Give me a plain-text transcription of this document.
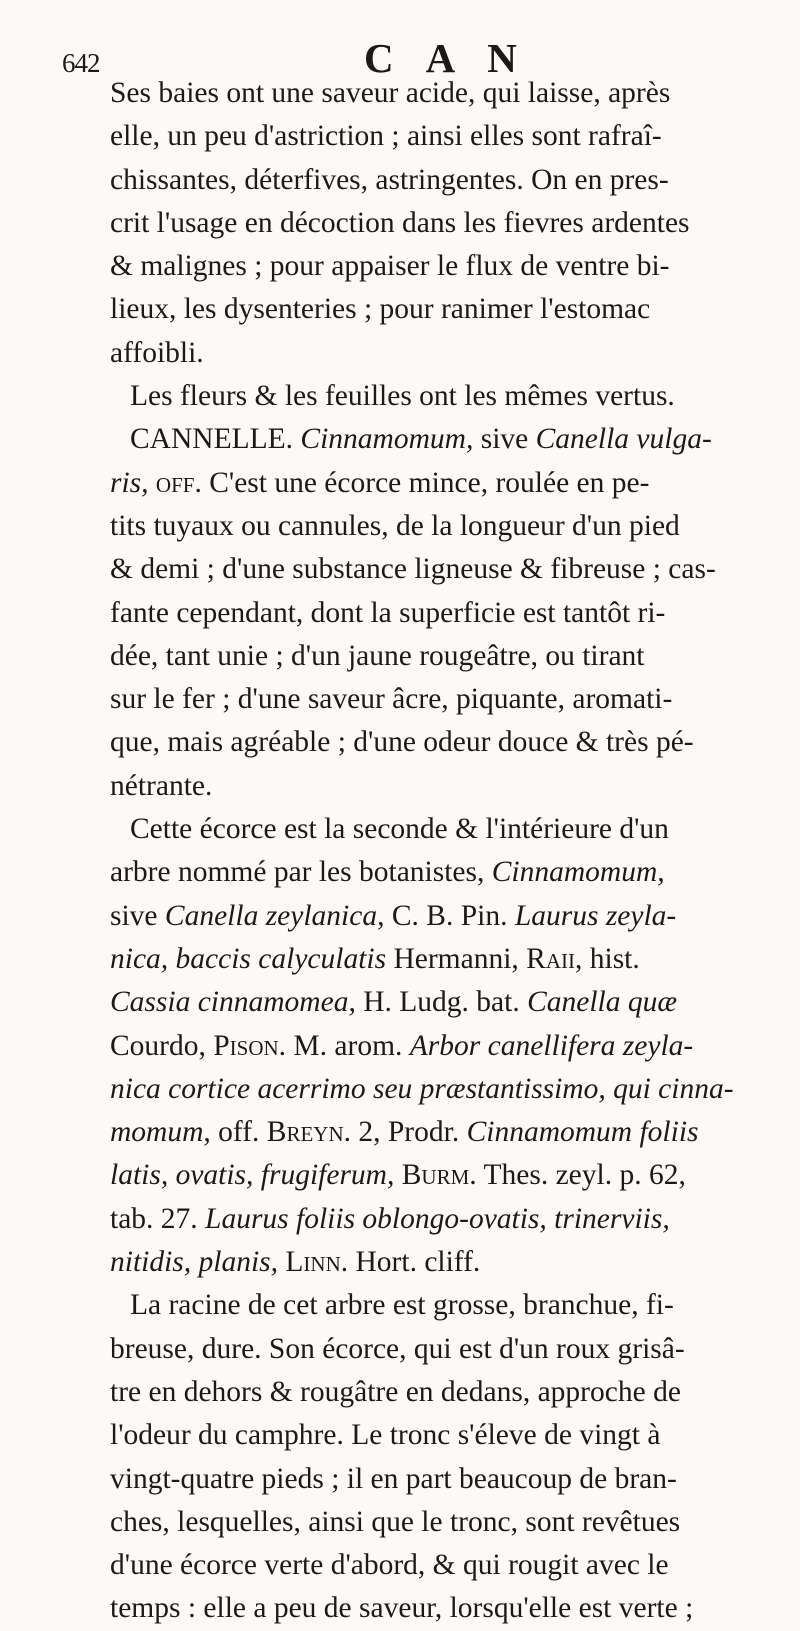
642	C A N
Ses baies ont une saveur acide, qui laisse, après
elle, un peu d'astriction ; ainsi elles sont rafraî-
chissantes, déterfives, astringentes. On en pres-
crit l'usage en décoction dans les fievres ardentes
& malignes ; pour appaiser le flux de ventre bi-
lieux, les dysenteries ; pour ranimer l'estomac
affoibli.
Les fleurs & les feuilles ont les mêmes vertus.
CANNELLE. Cinnamomum, sive Canella vulga-
ris, off. C'est une écorce mince, roulée en pe-
tits tuyaux ou cannules, de la longueur d'un pied
& demi ; d'une substance ligneuse & fibreuse ; cas-
fante cependant, dont la superficie est tantôt ri-
dée, tant unie ; d'un jaune rougeâtre, ou tirant
sur le fer ; d'une saveur âcre, piquante, aromati-
que, mais agréable ; d'une odeur douce & très pé-
nétrante.
Cette écorce est la seconde & l'intérieure d'un
arbre nommé par les botanistes, Cinnamomum,
sive Canella zeylanica, C. B. Pin. Laurus zeyla-
nica, baccis calyculatis Hermanni, Raii, hist.
Cassia cinnamomea, H. Ludg. bat. Canella quæ
Courdo, Pison. M. arom. Arbor canellifera zeyla-
nica cortice acerrimo seu præstantissimo, qui cinna-
momum, off. Breyn. 2, Prodr. Cinnamomum foliis
latis, ovatis, frugiferum, Burm. Thes. zeyl. p. 62,
tab. 27. Laurus foliis oblongo-ovatis, trinerviis,
nitidis, planis, Linn. Hort. cliff.
La racine de cet arbre est grosse, branchue, fi-
breuse, dure. Son écorce, qui est d'un roux grisâ-
tre en dehors & rougâtre en dedans, approche de
l'odeur du camphre. Le tronc s'éleve de vingt à
vingt-quatre pieds ; il en part beaucoup de bran-
ches, lesquelles, ainsi que le tronc, sont revêtues
d'une écorce verte d'abord, & qui rougit avec le
temps : elle a peu de saveur, lorsqu'elle est verte ;
